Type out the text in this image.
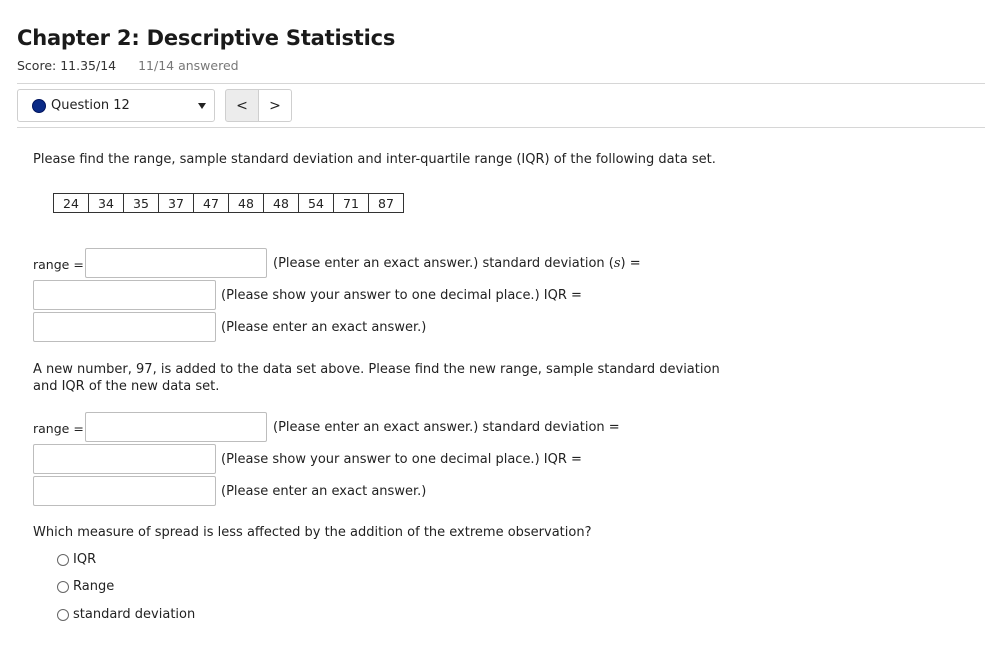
Chapter 2: Descriptive Statistics
Score: 11.35/14 11/14 answered
Question 12	<	>
Please find the range, sample standard deviation and inter-quartile range (IQR) of the following data set.
24	34	35	37	47	48	48	54	71	87
range =	(Please enter an exact answer.) standard deviation (s) =
(Please show your answer to one decimal place.) IQR =
(Please enter an exact answer.)
A new number, 97, is added to the data set above. Please find the new range, sample standard deviation and IQR of the new data set.
range =	(Please enter an exact answer.) standard deviation =
(Please show your answer to one decimal place.) IQR =
(Please enter an exact answer.)
Which measure of spread is less affected by the addition of the extreme observation?
IQR
Range
standard deviation
